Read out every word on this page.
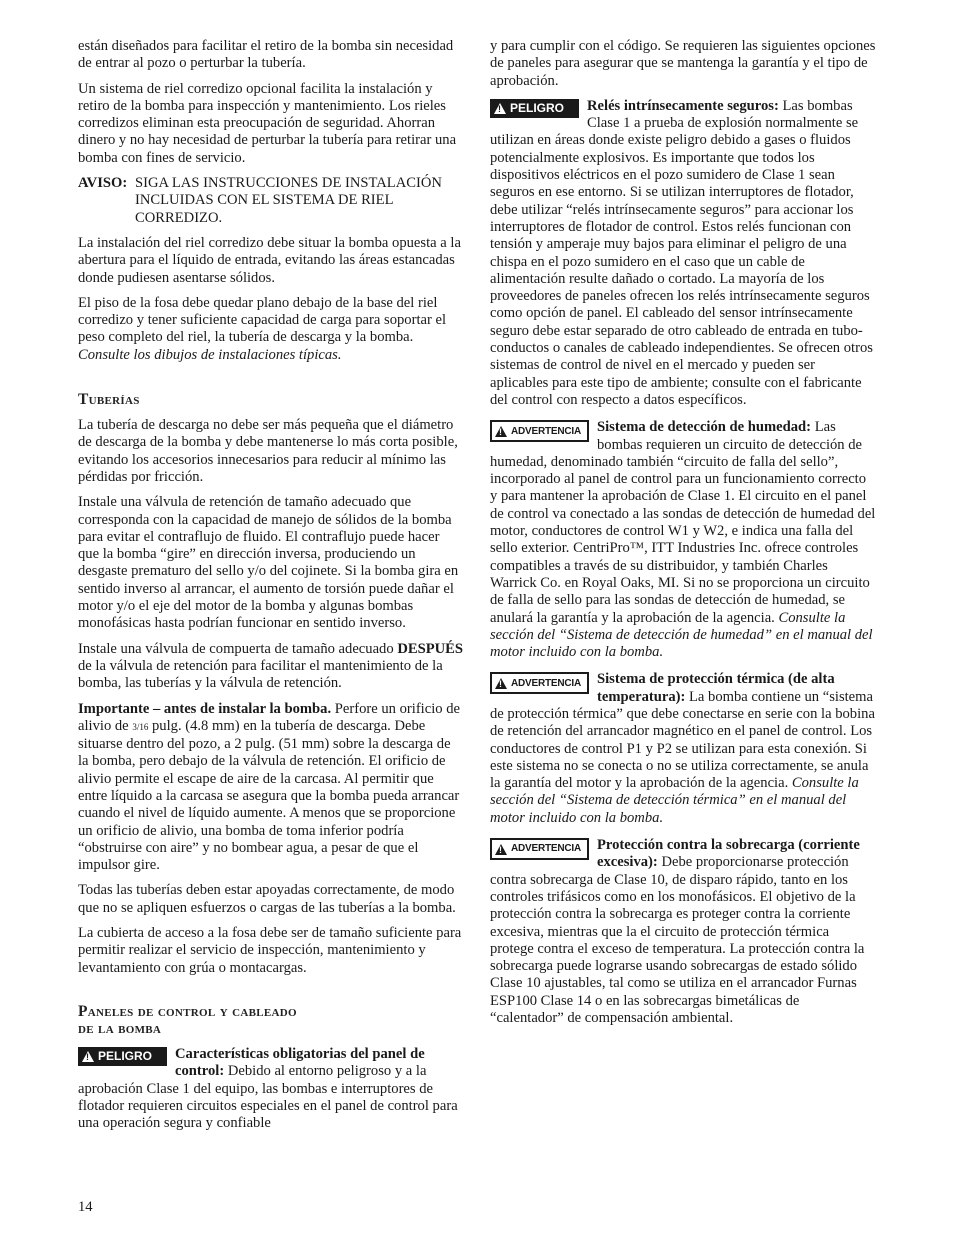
están diseñados para facilitar el retiro de la bomba sin necesidad de entrar al pozo o perturbar la tubería.

Un sistema de riel corredizo opcional facilita la instalación y retiro de la bomba para inspección y mantenimiento. Los rieles corredizos eliminan esta preocupación de seguridad. Ahorran dinero y no hay necesidad de perturbar la tubería para retirar una bomba con fines de servicio.

AVISO: SIGA LAS INSTRUCCIONES DE INSTALACIÓN INCLUIDAS CON EL SISTEMA DE RIEL CORREDIZO.

La instalación del riel corredizo debe situar la bomba opuesta a la abertura para el líquido de entrada, evitando las áreas estancadas donde pudiesen asentarse sólidos.

El piso de la fosa debe quedar plano debajo de la base del riel corredizo y tener suficiente capacidad de carga para soportar el peso completo del riel, la tubería de descarga y la bomba. Consulte los dibujos de instalaciones típicas.

Tuberías

La tubería de descarga no debe ser más pequeña que el diámetro de descarga de la bomba y debe mantenerse lo más corta posible, evitando los accesorios innecesarios para reducir al mínimo las pérdidas por fricción.

Instale una válvula de retención de tamaño adecuado que corresponda con la capacidad de manejo de sólidos de la bomba para evitar el contraflujo de fluido. El contraflujo puede hacer que la bomba “gire” en dirección inversa, produciendo un desgaste prematuro del sello y/o del cojinete. Si la bomba gira en sentido inverso al arrancar, el aumento de torsión puede dañar el motor y/o el eje del motor de la bomba y algunas bombas monofásicas hasta podrían funcionar en sentido inverso.

Instale una válvula de compuerta de tamaño adecuado DESPUÉS de la válvula de retención para facilitar el mantenimiento de la bomba, las tuberías y la válvula de retención.

Importante – antes de instalar la bomba. Perfore un orificio de alivio de 3/16 pulg. (4.8 mm) en la tubería de descarga. Debe situarse dentro del pozo, a 2 pulg. (51 mm) sobre la descarga de la bomba, pero debajo de la válvula de retención. El orificio de alivio permite el escape de aire de la carcasa. Al permitir que entre líquido a la carcasa se asegura que la bomba pueda arrancar cuando el nivel de líquido aumente. A menos que se proporcione un orificio de alivio, una bomba de toma inferior podría “obstruirse con aire” y no bombear agua, a pesar de que el impulsor gire.

Todas las tuberías deben estar apoyadas correctamente, de modo que no se apliquen esfuerzos o cargas de las tuberías a la bomba.

La cubierta de acceso a la fosa debe ser de tamaño suficiente para permitir realizar el servicio de inspección, mantenimiento y levantamiento con grúa o montacargas.

Paneles de control y cableado
de la bomba
!
PELIGRO Características obligatorias del panel de control: Debido al entorno peligroso y a la aprobación Clase 1 del equipo, las bombas e interruptores de flotador requieren circuitos especiales en el panel de control para una operación segura y confiable

y para cumplir con el código. Se requieren las siguientes opciones de paneles para asegurar que se mantenga la garantía y el tipo de aprobación.

!
PELIGRO Relés intrínsecamente seguros: Las bombas Clase 1 a prueba de explosión normalmente se utilizan en áreas donde existe peligro debido a gases o fluidos potencialmente explosivos. Es importante que todos los dispositivos eléctricos en el pozo sumidero de Clase 1 sean seguros en ese entorno. Si se utilizan interruptores de flotador, debe utilizar “relés intrínsecamente seguros” para accionar los interruptores de flotador de control. Estos relés funcionan con tensión y amperaje muy bajos para eliminar el peligro de una chispa en el pozo sumidero en el caso que un cable de alimentación resulte dañado o cortado. La mayoría de los proveedores de paneles ofrecen los relés intrínsecamente seguros como opción de panel. El cableado del sensor intrínsecamente seguro debe estar separado de otro cableado de entrada en tubo-conductos o canales de cableado independientes. Se ofrecen otros sistemas de control de nivel en el mercado y pueden ser aplicables para este tipo de ambiente; consulte con el fabricante del control con respecto a datos específicos.
!
ADVERTENCIA Sistema de detección de humedad: Las bombas requieren un circuito de detección de humedad, denominado también “circuito de falla del sello”, incorporado al panel de control para un funcionamiento correcto y para mantener la aprobación de Clase 1. El circuito en el panel de control va conectado a las sondas de detección de humedad del motor, conductores de control W1 y W2, e indica una falla del sello exterior. CentriPro™, ITT Industries Inc. ofrece controles compatibles a través de su distribuidor, y también Charles Warrick Co. en Royal Oaks, MI. Si no se proporciona un circuito de falla de sello para las sondas de detección de humedad, se anulará la garantía y la aprobación de la agencia. Consulte la sección del “Sistema de detección de humedad” en el manual del motor incluido con la bomba.
!
ADVERTENCIA Sistema de protección térmica (de alta temperatura): La bomba contiene un “sistema de protección térmica” que debe conectarse en serie con la bobina de retención del arrancador magnético en el panel de control. Los conductores de control P1 y P2 se utilizan para esta conexión. Si este sistema no se conecta o no se utiliza correctamente, se anula la garantía del motor y la aprobación de la agencia. Consulte la sección del “Sistema de detección térmica” en el manual del motor incluido con la bomba.
!
ADVERTENCIA Protección contra la sobrecarga (corriente excesiva): Debe proporcionarse protección contra sobrecarga de Clase 10, de disparo rápido, tanto en los controles trifásicos como en los monofásicos. El objetivo de la protección contra la sobrecarga es proteger contra la corriente excesiva, mientras que la el circuito de protección térmica protege contra el exceso de temperatura. La protección contra la sobrecarga puede lograrse usando sobrecargas de estado sólido Clase 10 ajustables, tal como se utiliza en el arrancador Furnas ESP100 Clase 14 o en las sobrecargas bimetálicas de “calentador” de compensación ambiental.
14
